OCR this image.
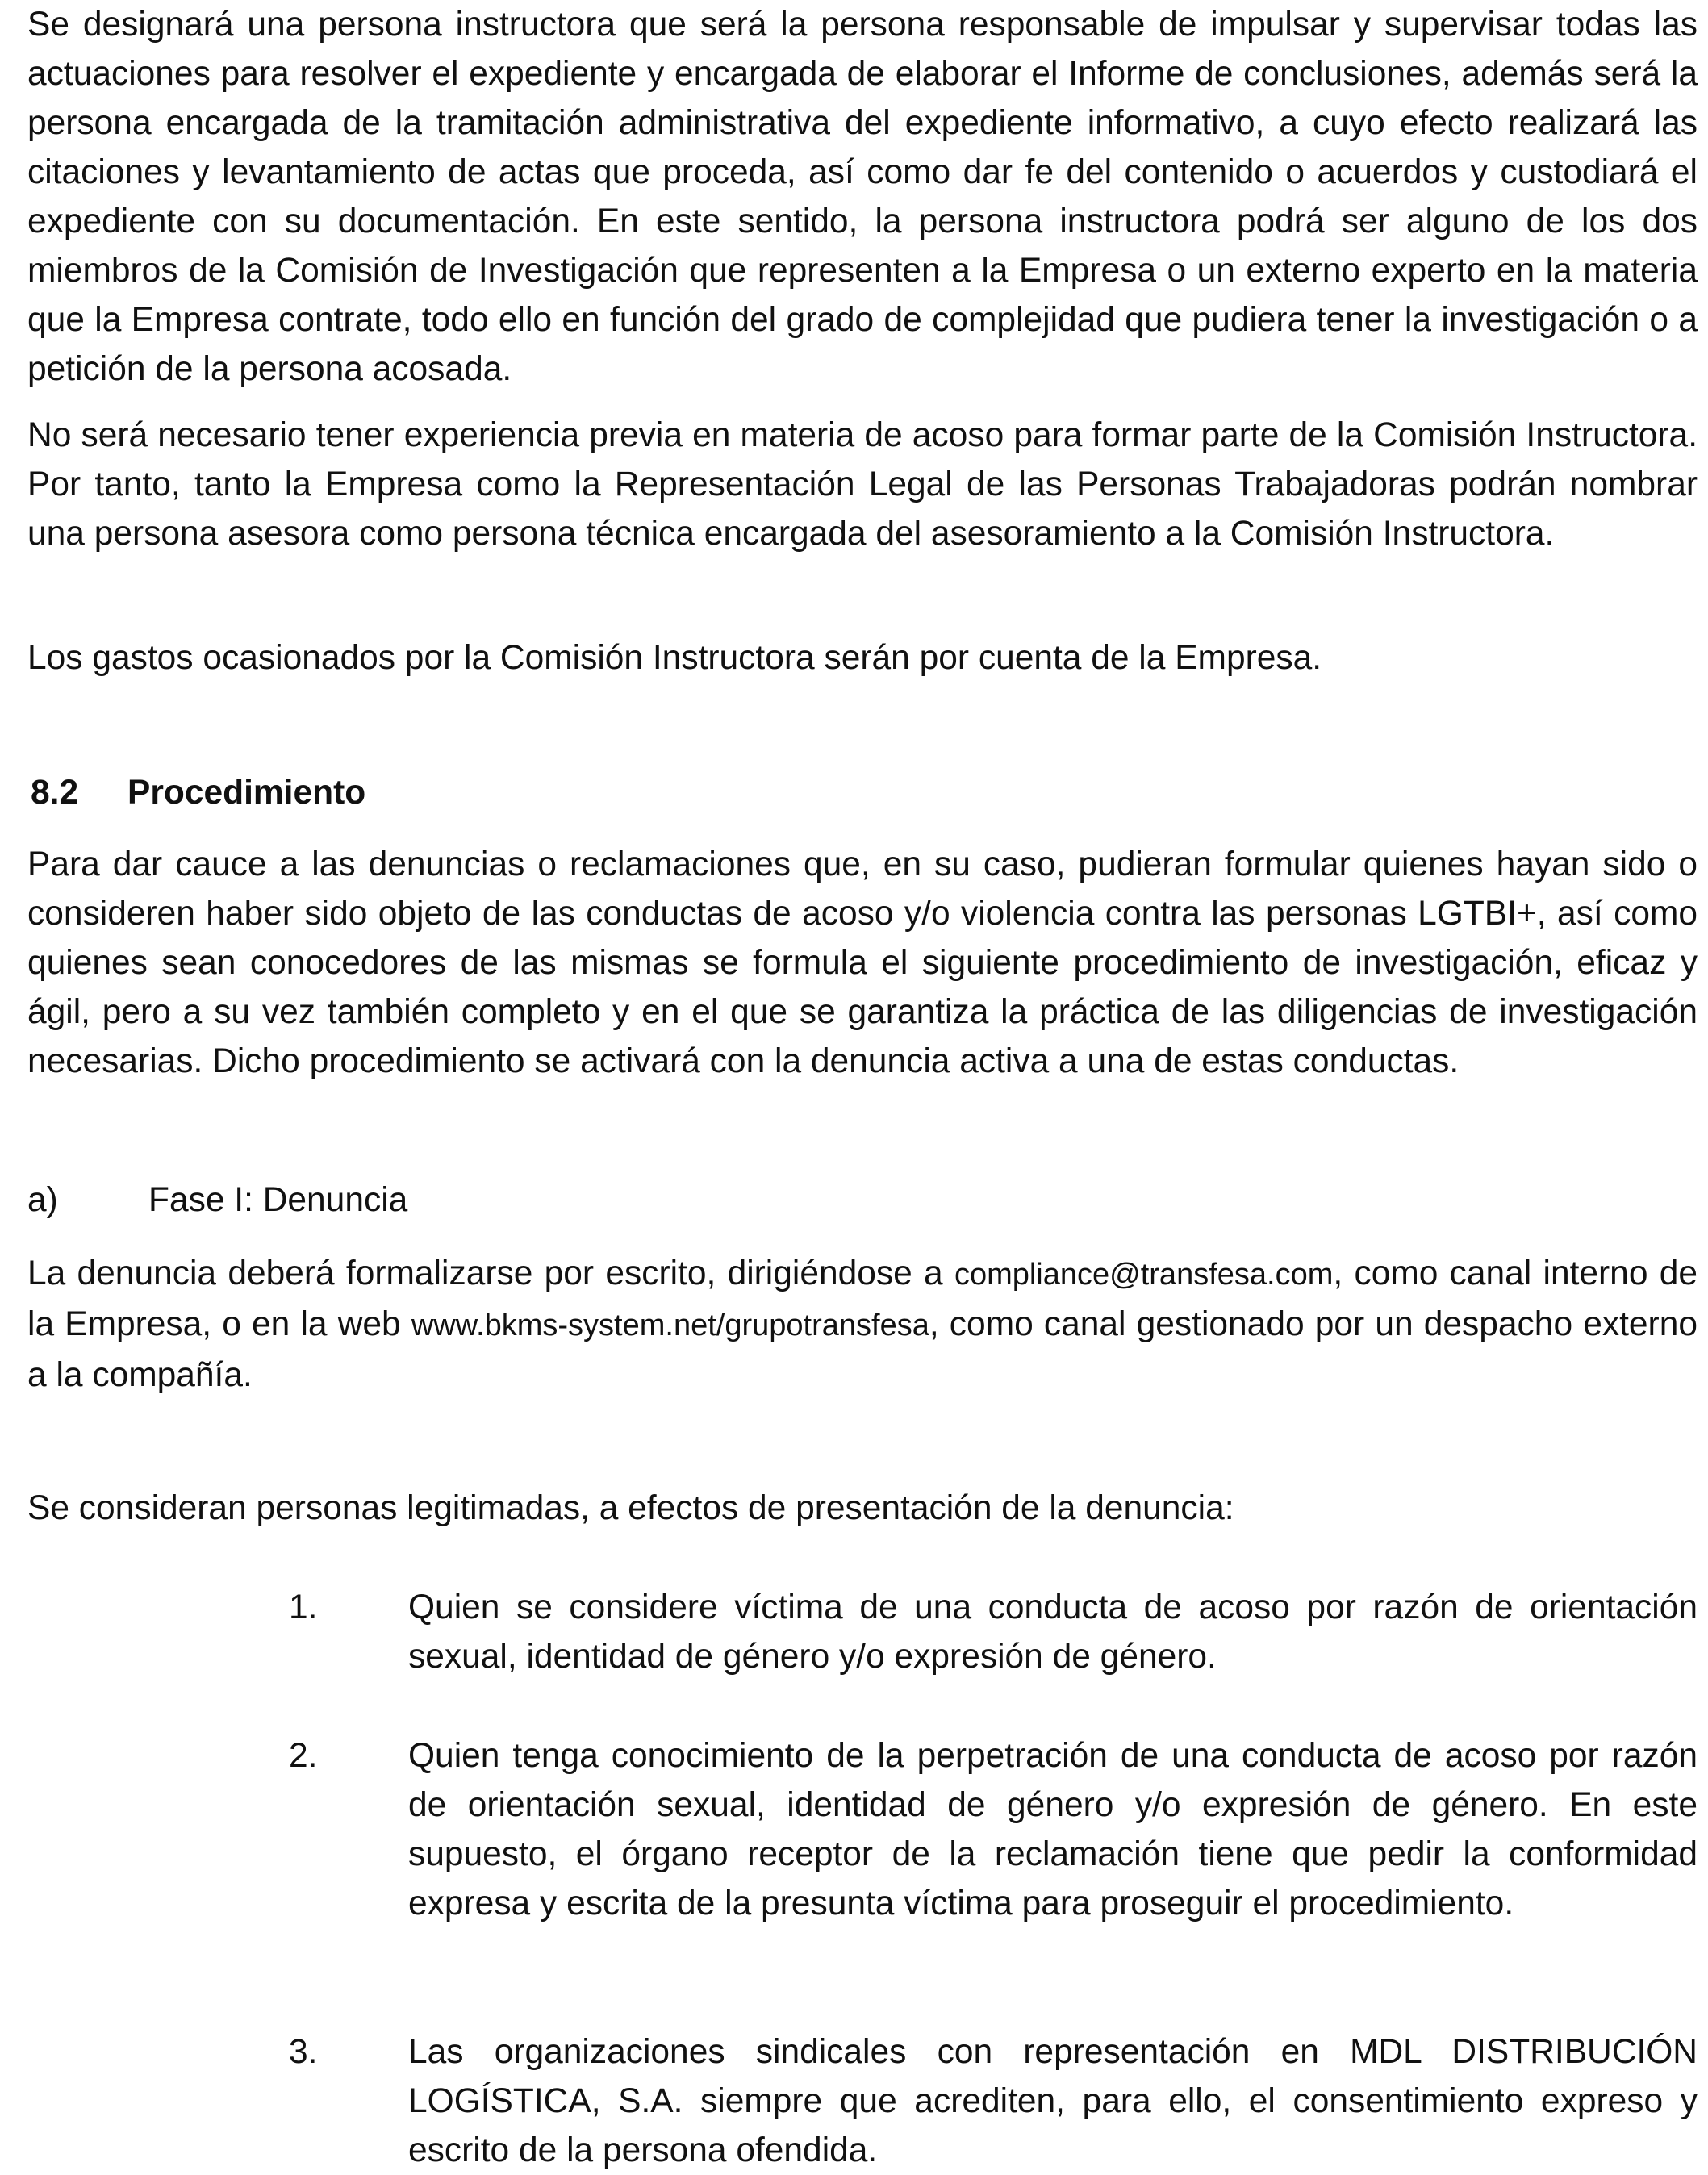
Se designará una persona instructora que será la persona responsable de impulsar y supervisar todas las actuaciones para resolver el expediente y encargada de elaborar el Informe de conclusiones, además será la persona encargada de la tramitación administrativa del expediente informativo, a cuyo efecto realizará las citaciones y levantamiento de actas que proceda, así como dar fe del contenido o acuerdos y custodiará el expediente con su documentación. En este sentido, la persona instructora podrá ser alguno de los dos miembros de la Comisión de Investigación que representen a la Empresa o un externo experto en la materia que la Empresa contrate, todo ello en función del grado de complejidad que pudiera tener la investigación o a petición de la persona acosada.

No será necesario tener experiencia previa en materia de acoso para formar parte de la Comisión Instructora. Por tanto, tanto la Empresa como la Representación Legal de las Personas Trabajadoras podrán nombrar una persona asesora como persona técnica encargada del asesoramiento a la Comisión Instructora.

Los gastos ocasionados por la Comisión Instructora serán por cuenta de la Empresa.

8.2 Procedimiento

Para dar cauce a las denuncias o reclamaciones que, en su caso, pudieran formular quienes hayan sido o consideren haber sido objeto de las conductas de acoso y/o violencia contra las personas LGTBI+, así como quienes sean conocedores de las mismas se formula el siguiente procedimiento de investigación, eficaz y ágil, pero a su vez también completo y en el que se garantiza la práctica de las diligencias de investigación necesarias. Dicho procedimiento se activará con la denuncia activa a una de estas conductas.

a)	Fase I: Denuncia

La denuncia deberá formalizarse por escrito, dirigiéndose a compliance@transfesa.com, como canal interno de la Empresa, o en la web www.bkms-system.net/grupotransfesa, como canal gestionado por un despacho externo a la compañía.

Se consideran personas legitimadas, a efectos de presentación de la denuncia:

1.	Quien se considere víctima de una conducta de acoso por razón de orientación sexual, identidad de género y/o expresión de género.

2.	Quien tenga conocimiento de la perpetración de una conducta de acoso por razón de orientación sexual, identidad de género y/o expresión de género. En este supuesto, el órgano receptor de la reclamación tiene que pedir la conformidad expresa y escrita de la presunta víctima para proseguir el procedimiento.

3.	Las organizaciones sindicales con representación en MDL DISTRIBUCIÓN LOGÍSTICA, S.A. siempre que acrediten, para ello, el consentimiento expreso y escrito de la persona ofendida.
